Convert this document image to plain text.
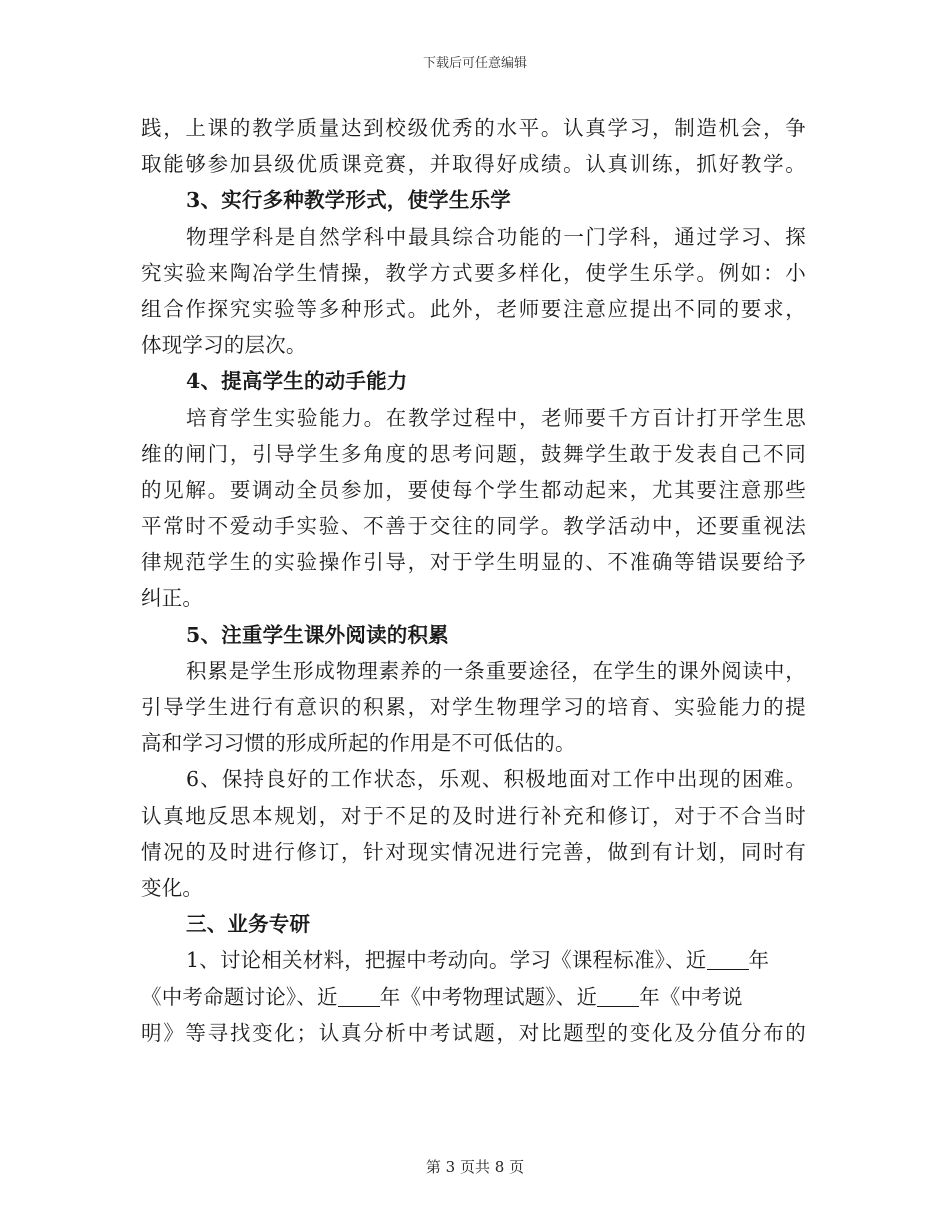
下载后可任意编辑
践，上课的教学质量达到校级优秀的水平。认真学习，制造机会，争
取能够参加县级优质课竞赛，并取得好成绩。认真训练，抓好教学。
3、实行多种教学形式，使学生乐学
物理学科是自然学科中最具综合功能的一门学科，通过学习、探
究实验来陶冶学生情操，教学方式要多样化，使学生乐学。例如：小
组合作探究实验等多种形式。此外，老师要注意应提出不同的要求，
体现学习的层次。
4、提高学生的动手能力
培育学生实验能力。在教学过程中，老师要千方百计打开学生思
维的闸门，引导学生多角度的思考问题，鼓舞学生敢于发表自己不同
的见解。要调动全员参加，要使每个学生都动起来，尤其要注意那些
平常时不爱动手实验、不善于交往的同学。教学活动中，还要重视法
律规范学生的实验操作引导，对于学生明显的、不准确等错误要给予
纠正。
5、注重学生课外阅读的积累
积累是学生形成物理素养的一条重要途径，在学生的课外阅读中，
引导学生进行有意识的积累，对学生物理学习的培育、实验能力的提
高和学习习惯的形成所起的作用是不可低估的。
6、保持良好的工作状态，乐观、积极地面对工作中出现的困难。
认真地反思本规划，对于不足的及时进行补充和修订，对于不合当时
情况的及时进行修订，针对现实情况进行完善，做到有计划，同时有
变化。
三、业务专研
1、讨论相关材料，把握中考动向。学习《课程标准》、近 年
《中考命题讨论》、近 年《中考物理试题》、近 年《中考说
明》等寻找变化；认真分析中考试题，对比题型的变化及分值分布的
第 3 页共 8 页
